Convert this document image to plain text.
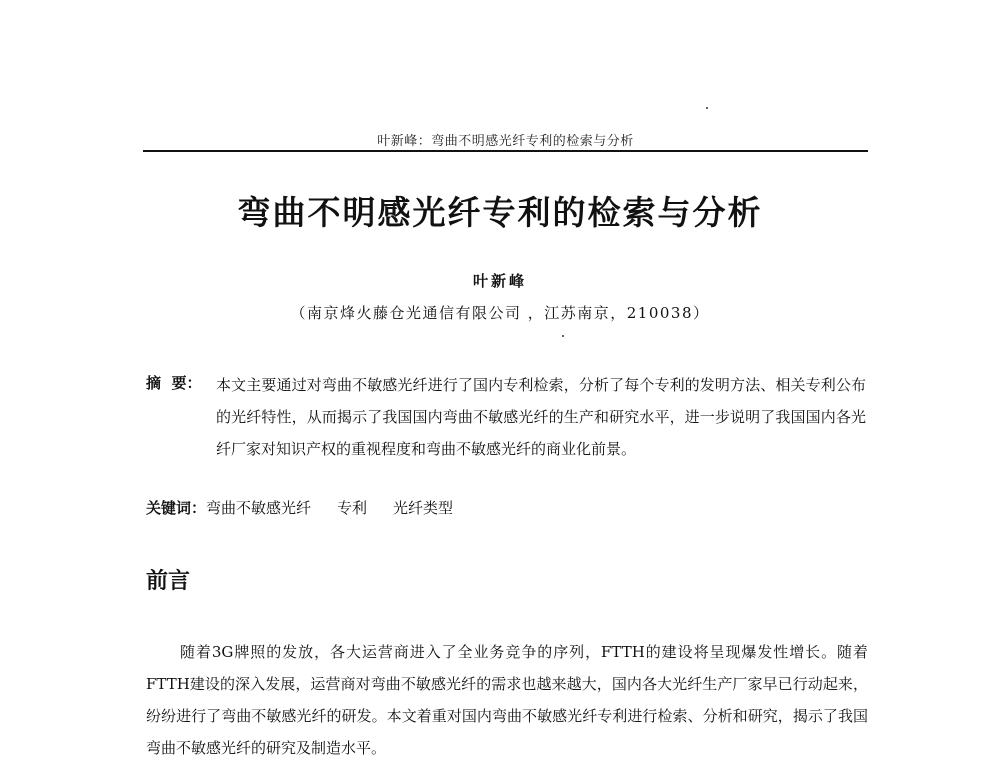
叶新峰：弯曲不明感光纤专利的检索与分析
弯曲不明感光纤专利的检索与分析
叶新峰
（南京烽火藤仓光通信有限公司 ，江苏南京，210038）
摘  要： 本文主要通过对弯曲不敏感光纤进行了国内专利检索，分析了每个专利的发明方法、相关专利公布的光纤特性，从而揭示了我国国内弯曲不敏感光纤的生产和研究水平，进一步说明了我国国内各光纤厂家对知识产权的重视程度和弯曲不敏感光纤的商业化前景。
关键词：弯曲不敏感光纤 专利 光纤类型
前言
随着3G牌照的发放，各大运营商进入了全业务竞争的序列，FTTH的建设将呈现爆发性增长。随着FTTH建设的深入发展，运营商对弯曲不敏感光纤的需求也越来越大，国内各大光纤生产厂家早已行动起来，纷纷进行了弯曲不敏感光纤的研发。本文着重对国内弯曲不敏感光纤专利进行检索、分析和研究，揭示了我国弯曲不敏感光纤的研究及制造水平。
